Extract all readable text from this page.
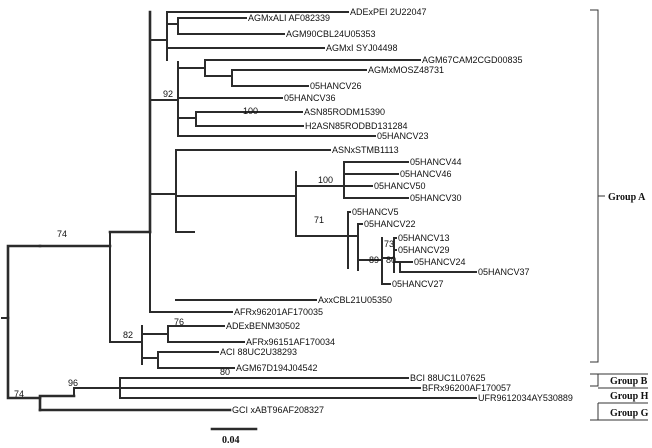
ADExPEI 2U22047
AGMxALI AF082339
AGM90CBL24U05353
AGMxI SYJ04498
AGM67CAM2CGD00835
AGMxMOSZ48731
05HANCV26
05HANCV36
ASN85RODM15390
H2ASN85RODBD131284
05HANCV23
ASNxSTMB1113
05HANCV44
05HANCV46
05HANCV50
05HANCV30
05HANCV5
05HANCV22
05HANCV13
05HANCV29
05HANCV24
05HANCV37
05HANCV27
AxxCBL21U05350
AFRx96201AF170035
ADExBENM30502
AFRx96151AF170034
ACI 88UC2U38293
AGM67D194J04542
BCI 88UC1L07625
BFRx96200AF170057
UFR9612034AY530889
GCI xABT96AF208327
92
100
100
71
73
89 80
76
82
74
80
96
74
Group A
Group B
Group H
Group G
0.04
